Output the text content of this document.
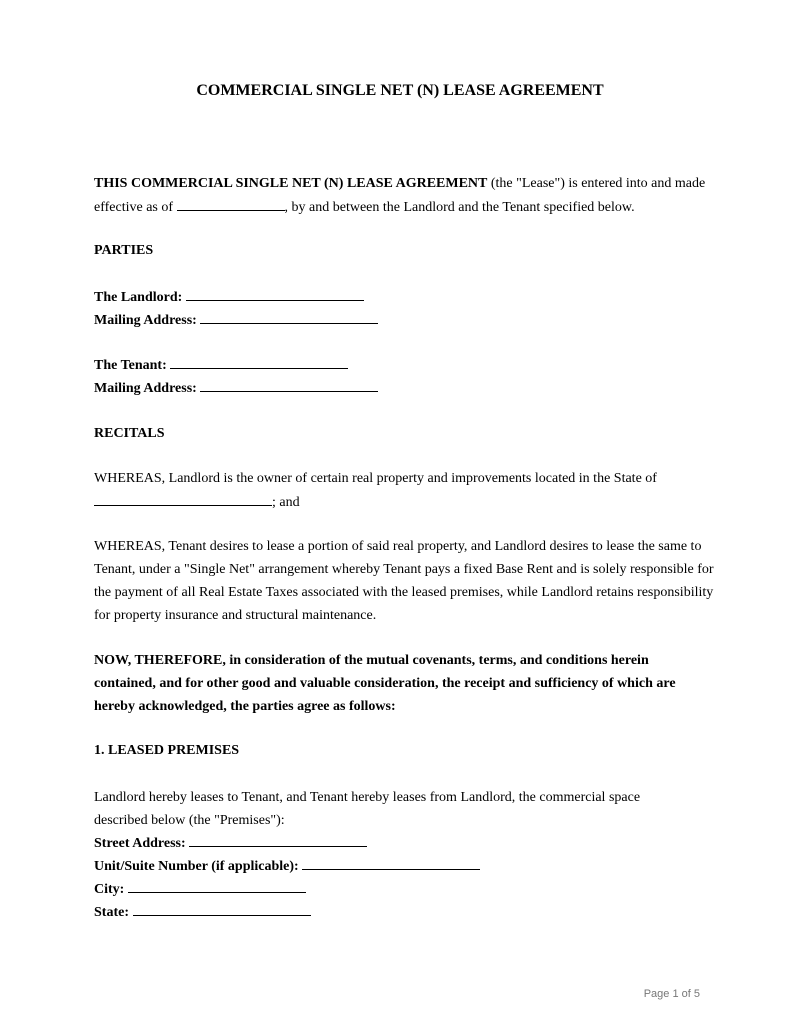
COMMERCIAL SINGLE NET (N) LEASE AGREEMENT

THIS COMMERCIAL SINGLE NET (N) LEASE AGREEMENT (the "Lease") is entered into and made effective as of	, by and between the Landlord and the Tenant specified below.

PARTIES

The Landlord:

Mailing Address:

The Tenant:

Mailing Address:

RECITALS

WHEREAS, Landlord is the owner of certain real property and improvements located in the State of ; and

WHEREAS, Tenant desires to lease a portion of said real property, and Landlord desires to lease the same to Tenant, under a "Single Net" arrangement whereby Tenant pays a fixed Base Rent and is solely responsible for the payment of all Real Estate Taxes associated with the leased premises, while Landlord retains responsibility for property insurance and structural maintenance.

NOW, THEREFORE, in consideration of the mutual covenants, terms, and conditions herein contained, and for other good and valuable consideration, the receipt and sufficiency of which are hereby acknowledged, the parties agree as follows:

1. LEASED PREMISES

Landlord hereby leases to Tenant, and Tenant hereby leases from Landlord, the commercial space described below (the "Premises"):

Street Address:

Unit/Suite Number (if applicable):

City:

State:

Page 1 of 5
